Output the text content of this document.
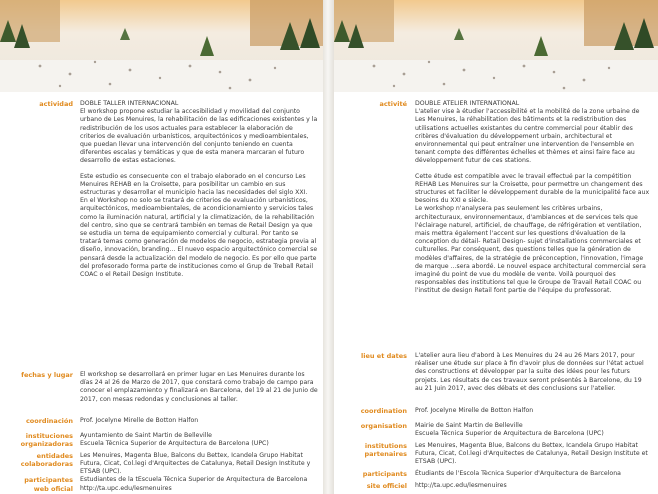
actividad DOBLE TALLER INTERNACIONAL

El workshop propone estudiar la accesibilidad y movilidad del conjunto urbano de Les Menuires, la rehabilitación de las edificaciones existentes y la redistribución de los usos actuales para establecer la elaboración de criterios de evaluación urbanísticos, arquitectónicos y medioambientales, que puedan llevar una intervención del conjunto teniendo en cuenta diferentes escalas y temáticas y que de esta manera marcaran el futuro desarrollo de estas estaciones.

Este estudio es consecuente con el trabajo elaborado en el concurso Les Menuires REHAB en la Croisette, para posibilitar un cambio en sus estructuras y desarrollar el municipio hacia las necesidades del siglo XXI.

En el Workshop no solo se tratará de criterios de evaluación urbanísticos, arquitectónicos, medioambientales, de acondicionamiento y servicios tales como la iluminación natural, artificial y la climatización, de la rehabilitación del centro, sino que se centrará también en temas de Retail Design ya que se estudia un tema de equipamiento comercial y cultural. Por tanto se tratará temas como generación de modelos de negocio, estrategia previa al diseño, innovación, branding... El nuevo espacio arquitectónico comercial se pensará desde la actualización del modelo de negocio. Es por ello que parte del profesorado forma parte de instituciones como el Grup de Treball Retail COAC o el Retail Design Institute.

fechas y lugar El workshop se desarrollará en primer lugar en Les Menuires durante los días 24 al 26 de Marzo de 2017, que constará como trabajo de campo para conocer el emplazamiento y finalizará en Barcelona, del 19 al 21 de Junio de 2017, con mesas redondas y conclusiones al taller.

coordinación Prof. Jocelyne Mirelle de Botton Halfon

instituciones organizadoras

Ayuntamiento de Saint Martin de Belleville

Escuela Técnica Superior de Arquitectura de Barcelona (UPC)

entidades colaboradoras

Les Menuires, Magenta Blue, Balcons du Bettex, Icandela Grupo Habitat Futura, Cicat, Col.legi d'Arquitectes de Catalunya, Retail Design Institute y ETSAB (UPC).

participantes Estudiantes de la tEscuela Técnica Superior de Arquitectura de Barcelona

web oficial http://ta.upc.edu/lesmenuires

activité DOUBLE ATELIER INTERNATIONAL

L'atelier vise à étudier l'accessibilité et la mobilité de la zone urbaine de Les Menuires, la réhabilitation des bâtiments et la redistribution des utilisations actuelles existantes du centre commercial pour établir des critères d'évaluation du développement urbain, architectural et environnemental qui peut entraîner une intervention de l'ensemble en tenant compte des différentes échelles et thèmes et ainsi faire face au développement futur de ces stations.

Cette étude est compatible avec le travail effectué par la compétition REHAB Les Menuires sur la Croisette, pour permettre un changement des structures et faciliter le développement durable de la municipalité face aux besoins du XXI e siècle.

Le workshop n'analysera pas seulement les critères urbains, architecturaux, environnementaux, d'ambiances et de services tels que l'éclairage naturel, artificiel, de chauffage, de réfrigération et ventilation, mais mettra également l'accent sur les questions d'évaluation de la conception du détail- Retail Design- sujet d'installations commerciales et culturelles. Par conséquent, des questions telles que la génération de modèles d'affaires, de la stratégie de préconception, l'innovation, l'image de marque ...sera abordé. Le nouvel espace architectural commercial sera imaginé du point de vue du modèle de vente. Voilà pourquoi des responsables des institutions tel que le Groupe de Travail Retail COAC ou l'institut de design Retail font partie de l'équipe du professorat.

lieu et dates L'atelier aura lieu d'abord à Les Menuires du 24 au 26 Mars 2017, pour réaliser une étude sur place à fin d'avoir plus de données sur l'état actuel des constructions et développer par la suite des idées pour les futurs projets. Les résultats de ces travaux seront présentés à Barcelone, du 19 au 21 Juin 2017, avec des débats et des conclusions sur l'atelier.

coordination Prof. Jocelyne Mirelle de Botton Halfon

organisation Mairie de Saint Martin de Belleville

Escuela Técnica Superior de Arquitectura de Barcelona (UPC)

institutions partenaires

Les Menuires, Magenta Blue, Balcons du Bettex, Icandela Grupo Habitat Futura, Cicat, Col.legi d'Arquitectes de Catalunya, Retail Design Institute et ETSAB (UPC).

participants Étudiants de l'Escola Tècnica Superior d'Arquitectura de Barcelona

site officiel http://ta.upc.edu/lesmenuires
